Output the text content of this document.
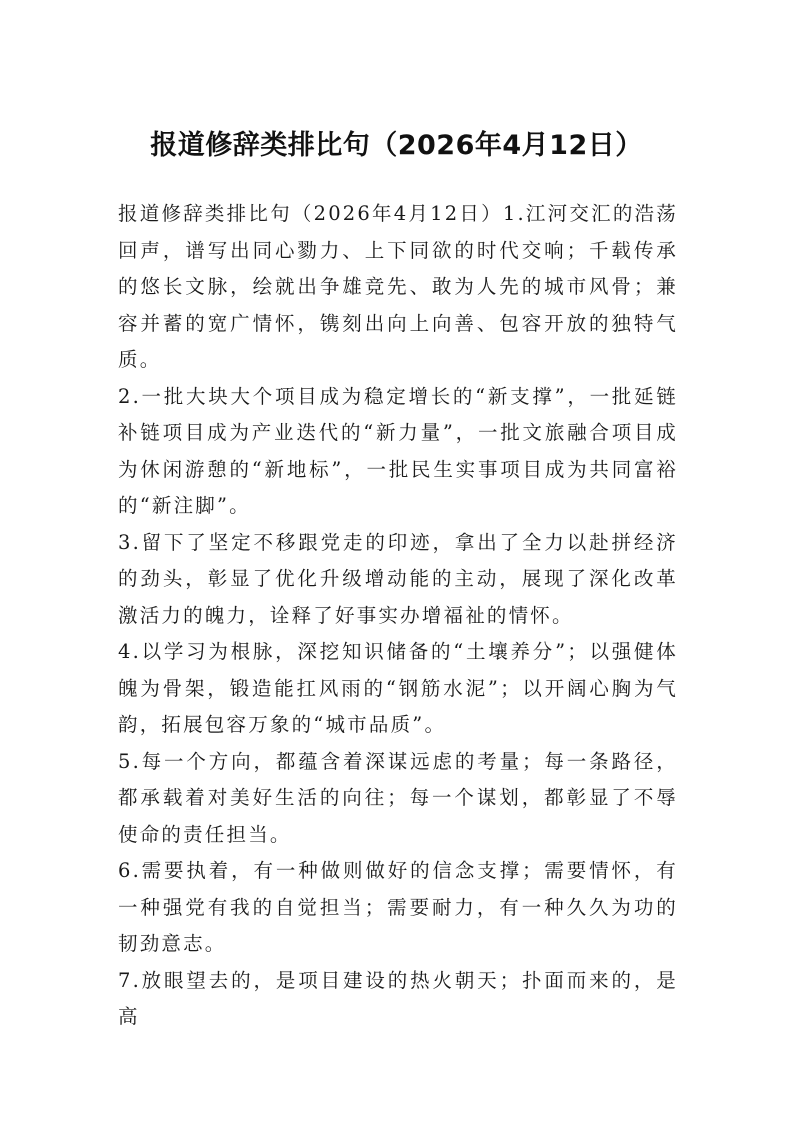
报道修辞类排比句（2026年4月12日）

报道修辞类排比句（2026年4月12日）1.江河交汇的浩荡回声，谱写出同心勠力、上下同欲的时代交响；千载传承的悠长文脉，绘就出争雄竞先、敢为人先的城市风骨；兼容并蓄的宽广情怀，镌刻出向上向善、包容开放的独特气质。

2.一批大块大个项目成为稳定增长的“新支撑”，一批延链补链项目成为产业迭代的“新力量”，一批文旅融合项目成为休闲游憩的“新地标”，一批民生实事项目成为共同富裕的“新注脚”。

3.留下了坚定不移跟党走的印迹，拿出了全力以赴拼经济的劲头，彰显了优化升级增动能的主动，展现了深化改革激活力的魄力，诠释了好事实办增福祉的情怀。

4.以学习为根脉，深挖知识储备的“土壤养分”；以强健体魄为骨架，锻造能扛风雨的“钢筋水泥”；以开阔心胸为气韵，拓展包容万象的“城市品质”。

5.每一个方向，都蕴含着深谋远虑的考量；每一条路径，都承载着对美好生活的向往；每一个谋划，都彰显了不辱使命的责任担当。

6.需要执着，有一种做则做好的信念支撑；需要情怀，有一种强党有我的自觉担当；需要耐力，有一种久久为功的韧劲意志。

7.放眼望去的，是项目建设的热火朝天；扑面而来的，是高
